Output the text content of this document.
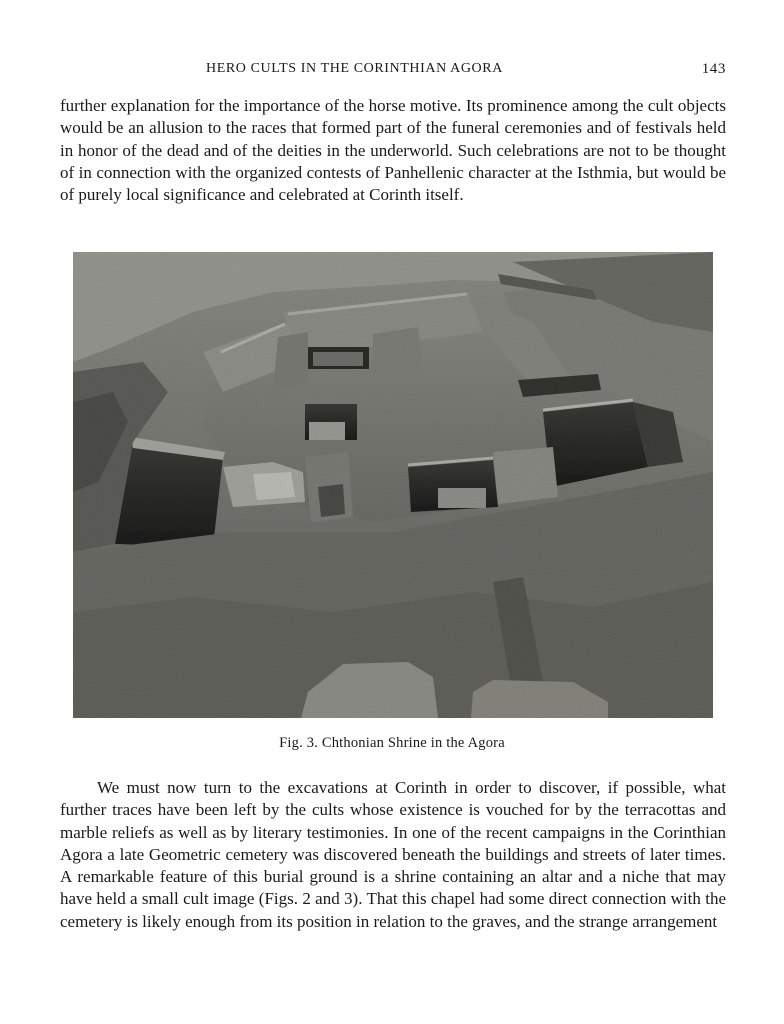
HERO CULTS IN THE CORINTHIAN AGORA	143

further explanation for the importance of the horse motive. Its prominence among the cult objects would be an allusion to the races that formed part of the funeral ceremonies and of festivals held in honor of the dead and of the deities in the underworld. Such celebrations are not to be thought of in connection with the organized contests of Panhellenic character at the Isthmia, but would be of purely local significance and celebrated at Corinth itself.

Fig. 3. Chthonian Shrine in the Agora

We must now turn to the excavations at Corinth in order to discover, if possible, what further traces have been left by the cults whose existence is vouched for by the terracottas and marble reliefs as well as by literary testimonies. In one of the recent campaigns in the Corinthian Agora a late Geometric cemetery was discovered beneath the buildings and streets of later times. A remarkable feature of this burial ground is a shrine containing an altar and a niche that may have held a small cult image (Figs. 2 and 3). That this chapel had some direct connection with the cemetery is likely enough from its position in relation to the graves, and the strange arrangement
